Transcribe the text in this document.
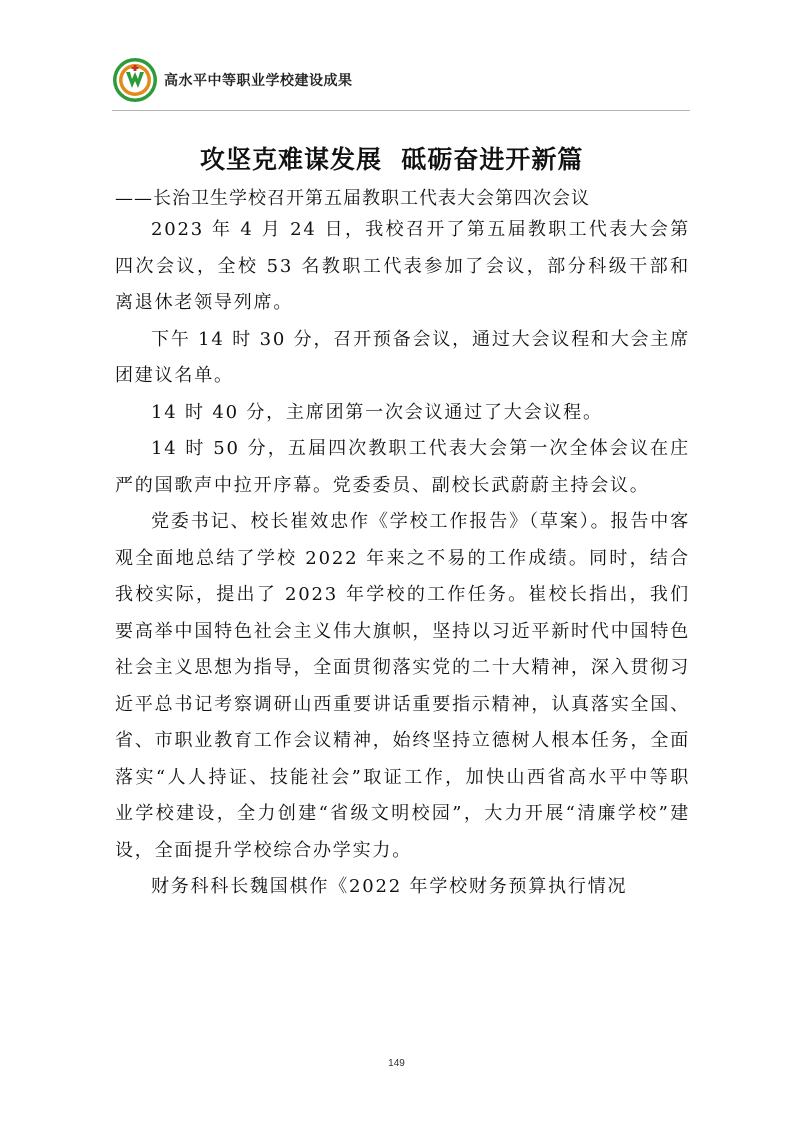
高水平中等职业学校建设成果
攻坚克难谋发展  砥砺奋进开新篇

——长治卫生学校召开第五届教职工代表大会第四次会议

2023 年 4 月 24 日，我校召开了第五届教职工代表大会第四次会议，全校 53 名教职工代表参加了会议，部分科级干部和离退休老领导列席。

下午 14 时 30 分，召开预备会议，通过大会议程和大会主席团建议名单。

14 时 40 分，主席团第一次会议通过了大会议程。

14 时 50 分，五届四次教职工代表大会第一次全体会议在庄严的国歌声中拉开序幕。党委委员、副校长武蔚蔚主持会议。

党委书记、校长崔效忠作《学校工作报告》（草案）。报告中客观全面地总结了学校 2022 年来之不易的工作成绩。同时，结合我校实际，提出了 2023 年学校的工作任务。崔校长指出，我们要高举中国特色社会主义伟大旗帜，坚持以习近平新时代中国特色社会主义思想为指导，全面贯彻落实党的二十大精神，深入贯彻习近平总书记考察调研山西重要讲话重要指示精神，认真落实全国、省、市职业教育工作会议精神，始终坚持立德树人根本任务，全面落实“人人持证、技能社会”取证工作，加快山西省高水平中等职业学校建设，全力创建“省级文明校园”，大力开展“清廉学校”建设，全面提升学校综合办学实力。

财务科科长魏国棋作《2022 年学校财务预算执行情况

149
